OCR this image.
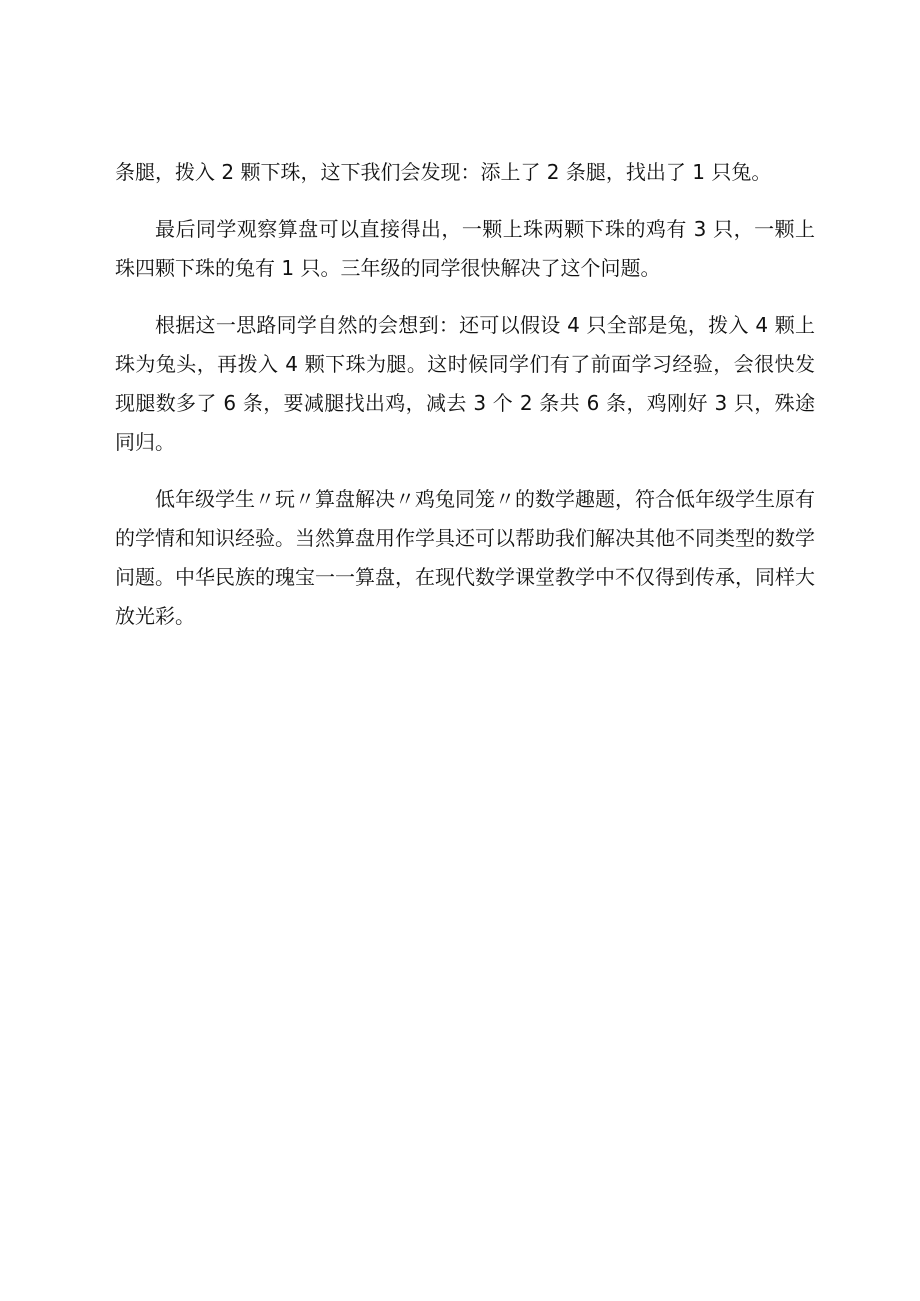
条腿，拨入 2 颗下珠，这下我们会发现：添上了 2 条腿，找出了 1 只兔。

最后同学观察算盘可以直接得出，一颗上珠两颗下珠的鸡有 3 只，一颗上珠四颗下珠的兔有 1 只。三年级的同学很快解决了这个问题。

根据这一思路同学自然的会想到：还可以假设 4 只全部是兔，拨入 4 颗上珠为兔头，再拨入 4 颗下珠为腿。这时候同学们有了前面学习经验，会很快发现腿数多了 6 条，要减腿找出鸡，减去 3 个 2 条共 6 条，鸡刚好 3 只，殊途同归。

低年级学生〃玩〃算盘解决〃鸡兔同笼〃的数学趣题，符合低年级学生原有的学情和知识经验。当然算盘用作学具还可以帮助我们解决其他不同类型的数学问题。中华民族的瑰宝一一算盘，在现代数学课堂教学中不仅得到传承，同样大放光彩。
